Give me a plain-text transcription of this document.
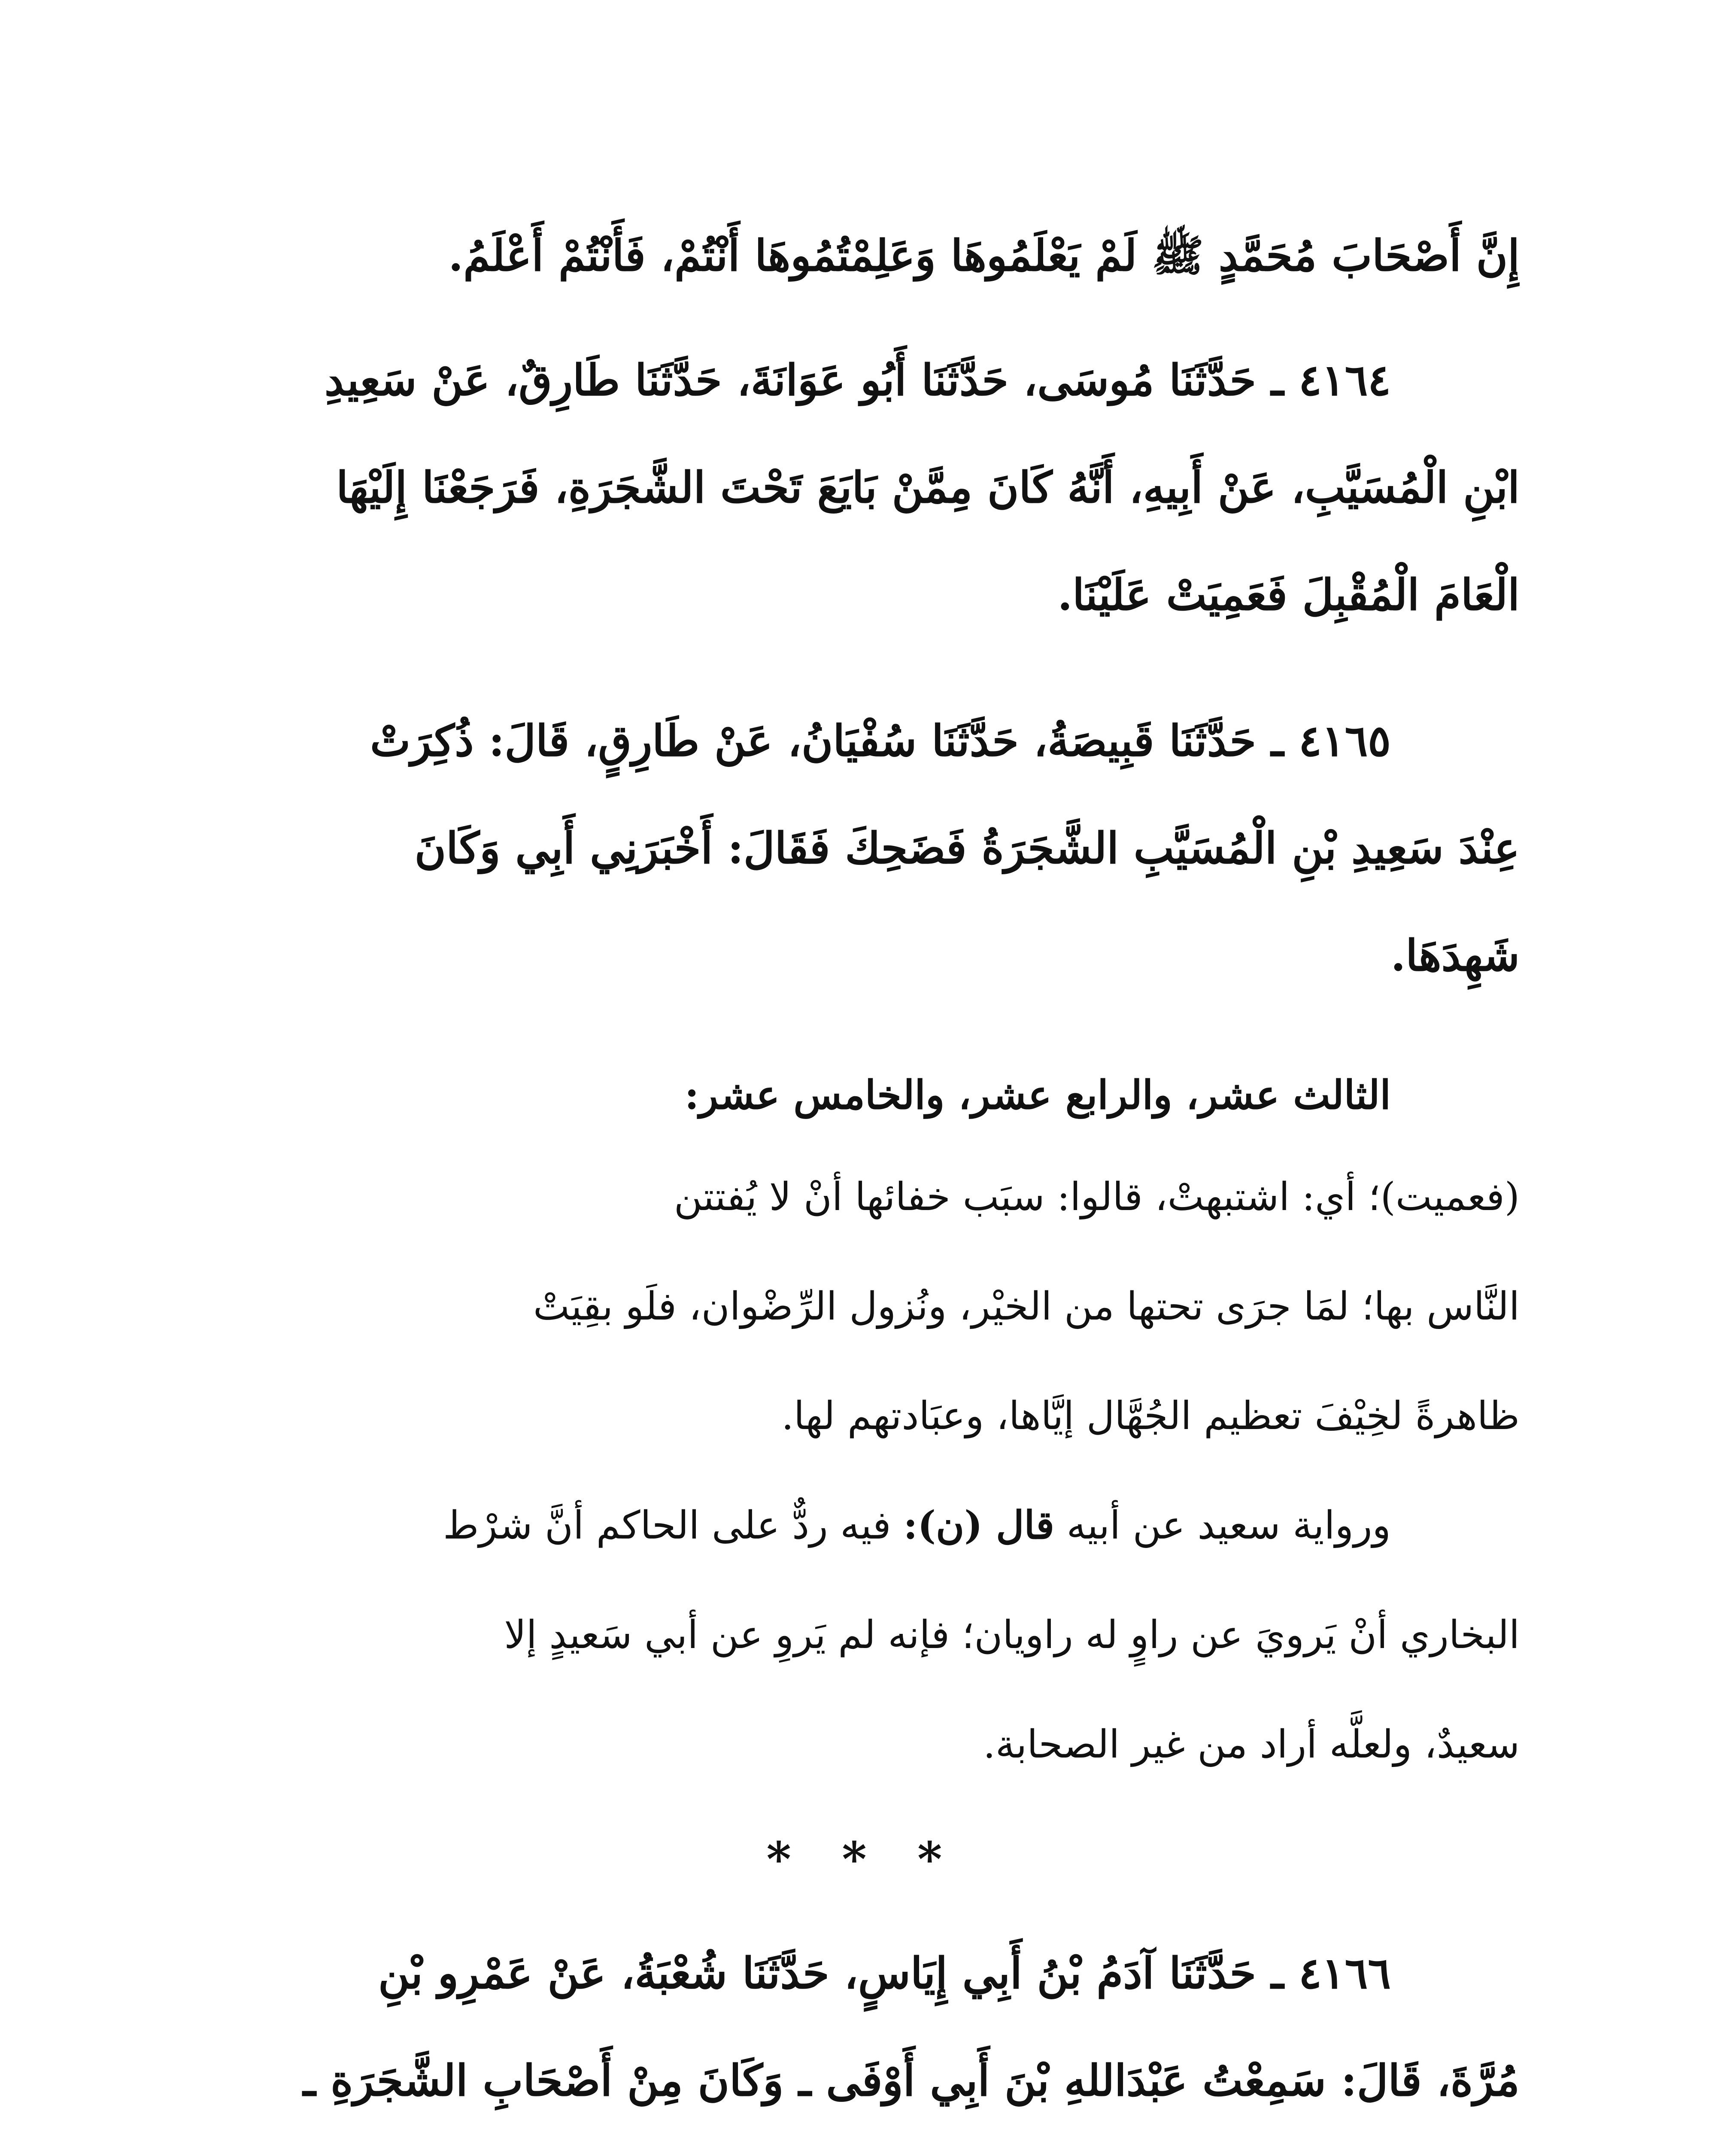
إِنَّ أَصْحَابَ مُحَمَّدٍ ﷺ لَمْ يَعْلَمُوهَا وَعَلِمْتُمُوهَا أَنْتُمْ، فَأَنْتُمْ أَعْلَمُ.
٤١٦٤ ـ حَدَّثَنَا مُوسَى، حَدَّثَنَا أَبُو عَوَانَةَ، حَدَّثَنَا طَارِقٌ، عَنْ سَعِيدِ
ابْنِ الْمُسَيَّبِ، عَنْ أَبِيهِ، أَنَّهُ كَانَ مِمَّنْ بَايَعَ تَحْتَ الشَّجَرَةِ، فَرَجَعْنَا إِلَيْهَا
الْعَامَ الْمُقْبِلَ فَعَمِيَتْ عَلَيْنَا.
٤١٦٥ ـ حَدَّثَنَا قَبِيصَةُ، حَدَّثَنَا سُفْيَانُ، عَنْ طَارِقٍ، قَالَ: ذُكِرَتْ
عِنْدَ سَعِيدِ بْنِ الْمُسَيَّبِ الشَّجَرَةُ فَضَحِكَ فَقَالَ: أَخْبَرَنِي أَبِي وَكَانَ
شَهِدَهَا.
الثالث عشر، والرابع عشر، والخامس عشر:
(فعميت)؛ أي: اشتبهتْ، قالوا: سبَب خفائها أنْ لا يُفتتن
النَّاس بها؛ لمَا جرَى تحتها من الخيْر، ونُزول الرِّضْوان، فلَو بقِيَتْ
ظاهرةً لخِيْفَ تعظيم الجُهَّال إيَّاها، وعبَادتهم لها.
ورواية سعيد عن أبيه قال (ن): فيه ردٌّ على الحاكم أنَّ شرْط
البخاري أنْ يَرويَ عن راوٍ له راويان؛ فإنه لم يَروِ عن أبي سَعيدٍ إلا
سعيدٌ، ولعلَّه أراد من غير الصحابة.
* * *
٤١٦٦ ـ حَدَّثَنَا آدَمُ بْنُ أَبِي إِيَاسٍ، حَدَّثَنَا شُعْبَةُ، عَنْ عَمْرِو بْنِ
مُرَّةَ، قَالَ: سَمِعْتُ عَبْدَاللهِ بْنَ أَبِي أَوْفَى ـ وَكَانَ مِنْ أَصْحَابِ الشَّجَرَةِ ـ
